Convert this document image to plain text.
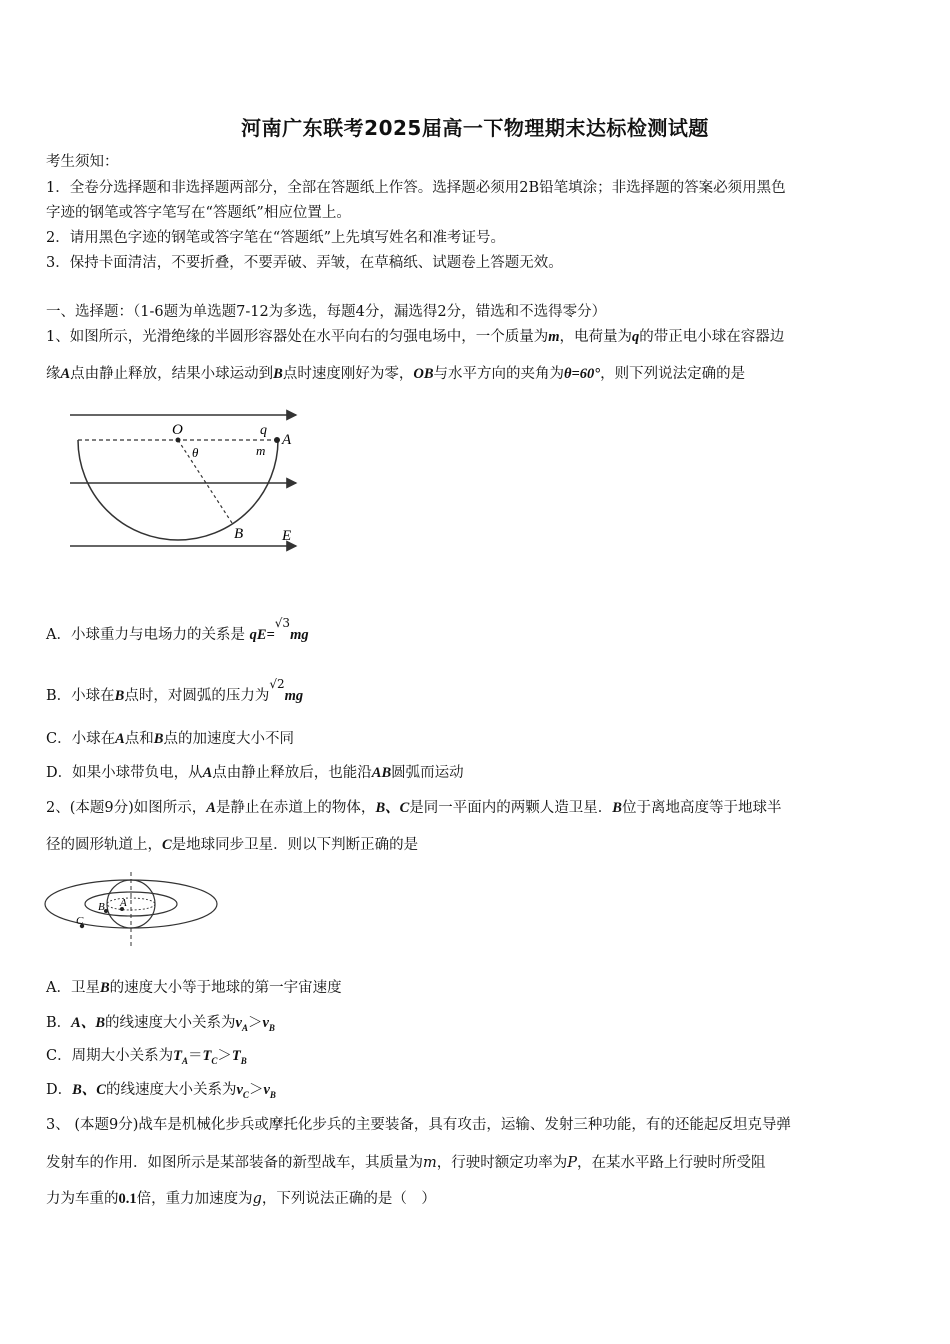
河南广东联考2025届高一下物理期末达标检测试题
考生须知：
1．全卷分选择题和非选择题两部分，全部在答题纸上作答。选择题必须用2B铅笔填涂；非选择题的答案必须用黑色
字迹的钢笔或答字笔写在“答题纸”相应位置上。
2．请用黑色字迹的钢笔或答字笔在“答题纸”上先填写姓名和准考证号。
3．保持卡面清洁，不要折叠，不要弄破、弄皱，在草稿纸、试题卷上答题无效。
一、选择题：（1-6题为单选题7-12为多选，每题4分，漏选得2分，错选和不选得零分）
1、如图所示，光滑绝缘的半圆形容器处在水平向右的匀强电场中，一个质量为m，电荷量为q的带正电小球在容器边
缘A点由静止释放，结果小球运动到B点时速度刚好为零，OB与水平方向的夹角为θ=60°，则下列说法定确的是
O	q
A
m
θ
B	E
A．小球重力与电场力的关系是 qE=$^{√3}$mg
B．小球在B点时，对圆弧的压力为$^{√2}$mg
C．小球在A点和B点的加速度大小不同
D．如果小球带负电，从A点由静止释放后，也能沿AB圆弧而运动
2、(本题9分)如图所示，A是静止在赤道上的物体，B、C是同一平面内的两颗人造卫星．B位于离地高度等于地球半
径的圆形轨道上，C是地球同步卫星．则以下判断正确的是
A
B
C
A．卫星B的速度大小等于地球的第一宇宙速度
B．A、B的线速度大小关系为$v_A>v_B$
C．周期大小关系为$T_A=T_C>T_B$
D．B、C的线速度大小关系为$v_C>v_B$
3、 (本题9分)战车是机械化步兵或摩托化步兵的主要装备，具有攻击，运输、发射三种功能，有的还能起反坦克导弹
发射车的作用．如图所示是某部装备的新型战车，其质量为m，行驶时额定功率为P，在某水平路上行驶时所受阻
力为车重的0.1倍，重力加速度为g，下列说法正确的是（　）
